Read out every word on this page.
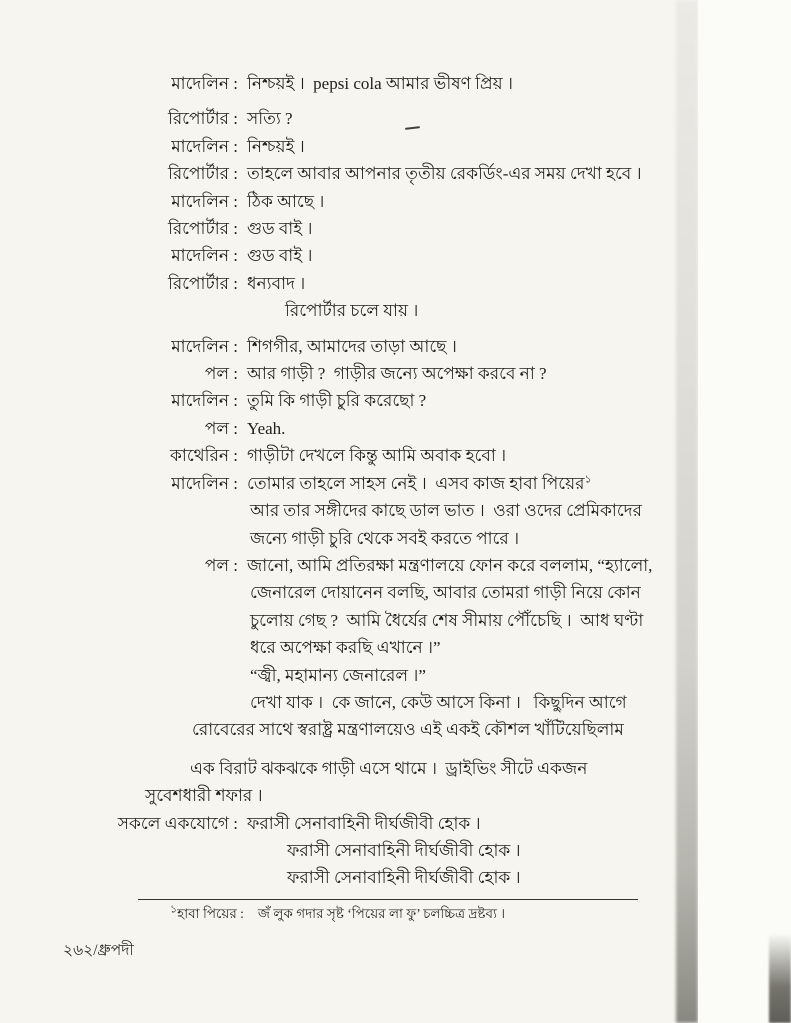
মাদেলিন : নিশ্চয়ই ।  pepsi cola আমার ভীষণ প্রিয় ।
রিপোর্টার : সত্যি ?
মাদেলিন : নিশ্চয়ই ।
রিপোর্টার : তাহলে আবার আপনার তৃতীয় রেকর্ডিং-এর সময় দেখা হবে ।
মাদেলিন : ঠিক আছে ।
রিপোর্টার : গুড বাই ।
মাদেলিন : গুড বাই ।
রিপোর্টার : ধন্যবাদ ।
রিপোর্টার চলে যায় ।
মাদেলিন : শিগগীর, আমাদের তাড়া আছে ।
পল : আর গাড়ী ?  গাড়ীর জন্যে অপেক্ষা করবে না ?
মাদেলিন : তুমি কি গাড়ী চুরি করেছো ?
পল : Yeah.
কাথেরিন : গাড়ীটা দেখলে কিন্তু আমি অবাক হবো ।
মাদেলিন : তোমার তাহলে সাহস নেই ।  এসব কাজ হাবা পিয়ের$^১$
আর তার সঙ্গীদের কাছে ডাল ভাত ।  ওরা ওদের প্রেমিকাদের
জন্যে গাড়ী চুরি থেকে সবই করতে পারে ।
পল : জানো, আমি প্রতিরক্ষা মন্ত্রণালয়ে ফোন করে বললাম, “হ্যালো,
জেনারেল দোয়ানেন বলছি, আবার তোমরা গাড়ী নিয়ে কোন
চুলোয় গেছ ?  আমি ধৈর্যের শেষ সীমায় পৌঁচেছি ।  আধ ঘণ্টা
ধরে অপেক্ষা করছি এখানে ।”
“জ্বী, মহামান্য জেনারেল ।”
দেখা যাক ।  কে জানে, কেউ আসে কিনা ।   কিছুদিন আগে
রোবেরের সাথে স্বরাষ্ট্র মন্ত্রণালয়েও এই একই কৌশল খাঁটিয়েছিলাম
এক বিরাট ঝকঝকে গাড়ী এসে থামে ।  ড্রাইভিং সীটে একজন
সুবেশধারী শফার ।
সকলে একযোগে : ফরাসী সেনাবাহিনী দীর্ঘজীবী হোক ।
ফরাসী সেনাবাহিনী দীর্ঘজীবী হোক ।
ফরাসী সেনাবাহিনী দীর্ঘজীবী হোক ।
$^১$হাবা পিয়ের : জঁ লুক গদার সৃষ্ট ‘পিয়ের লা ফু’ চলচ্চিত্র দ্রষ্টব্য ।
২৬২/ধ্রুপদী
